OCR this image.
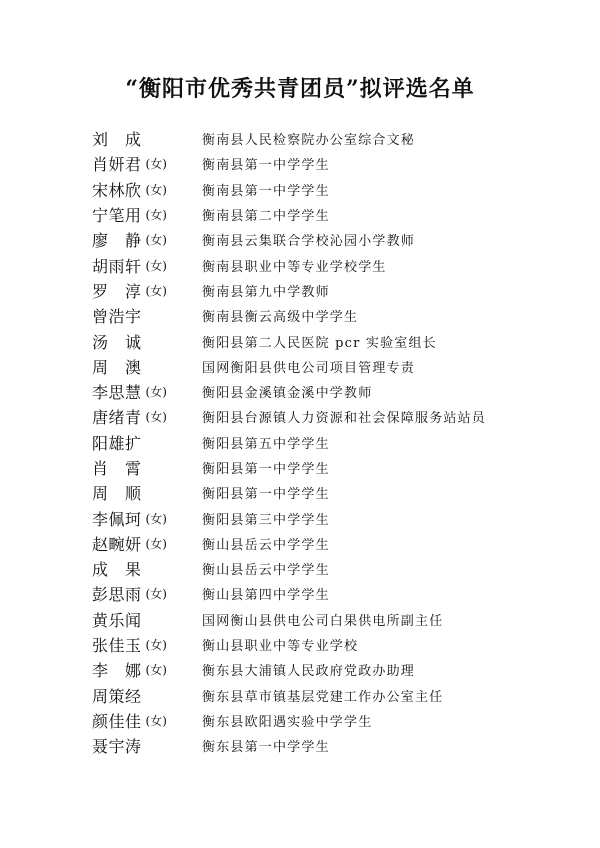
“衡阳市优秀共青团员”拟评选名单
刘　成	衡南县人民检察院办公室综合文秘
肖妍君 (女)	衡南县第一中学学生
宋林欣 (女)	衡南县第一中学学生
宁笔用 (女)	衡南县第二中学学生
廖　静 (女)	衡南县云集联合学校沁园小学教师
胡雨轩 (女)	衡南县职业中等专业学校学生
罗　淳 (女)	衡南县第九中学教师
曾浩宇	衡南县衡云高级中学学生
汤　诚	衡阳县第二人民医院 pcr 实验室组长
周　澳	国网衡阳县供电公司项目管理专责
李思慧 (女)	衡阳县金溪镇金溪中学教师
唐绪青 (女)	衡阳县台源镇人力资源和社会保障服务站站员
阳雄扩	衡阳县第五中学学生
肖　霄	衡阳县第一中学学生
周　顺	衡阳县第一中学学生
李佩珂 (女)	衡阳县第三中学学生
赵畹妍 (女)	衡山县岳云中学学生
成　果	衡山县岳云中学学生
彭思雨 (女)	衡山县第四中学学生
黄乐闻	国网衡山县供电公司白果供电所副主任
张佳玉 (女)	衡山县职业中等专业学校
李　娜 (女)	衡东县大浦镇人民政府党政办助理
周策经	衡东县草市镇基层党建工作办公室主任
颜佳佳 (女)	衡东县欧阳遇实验中学学生
聂宇涛	衡东县第一中学学生
